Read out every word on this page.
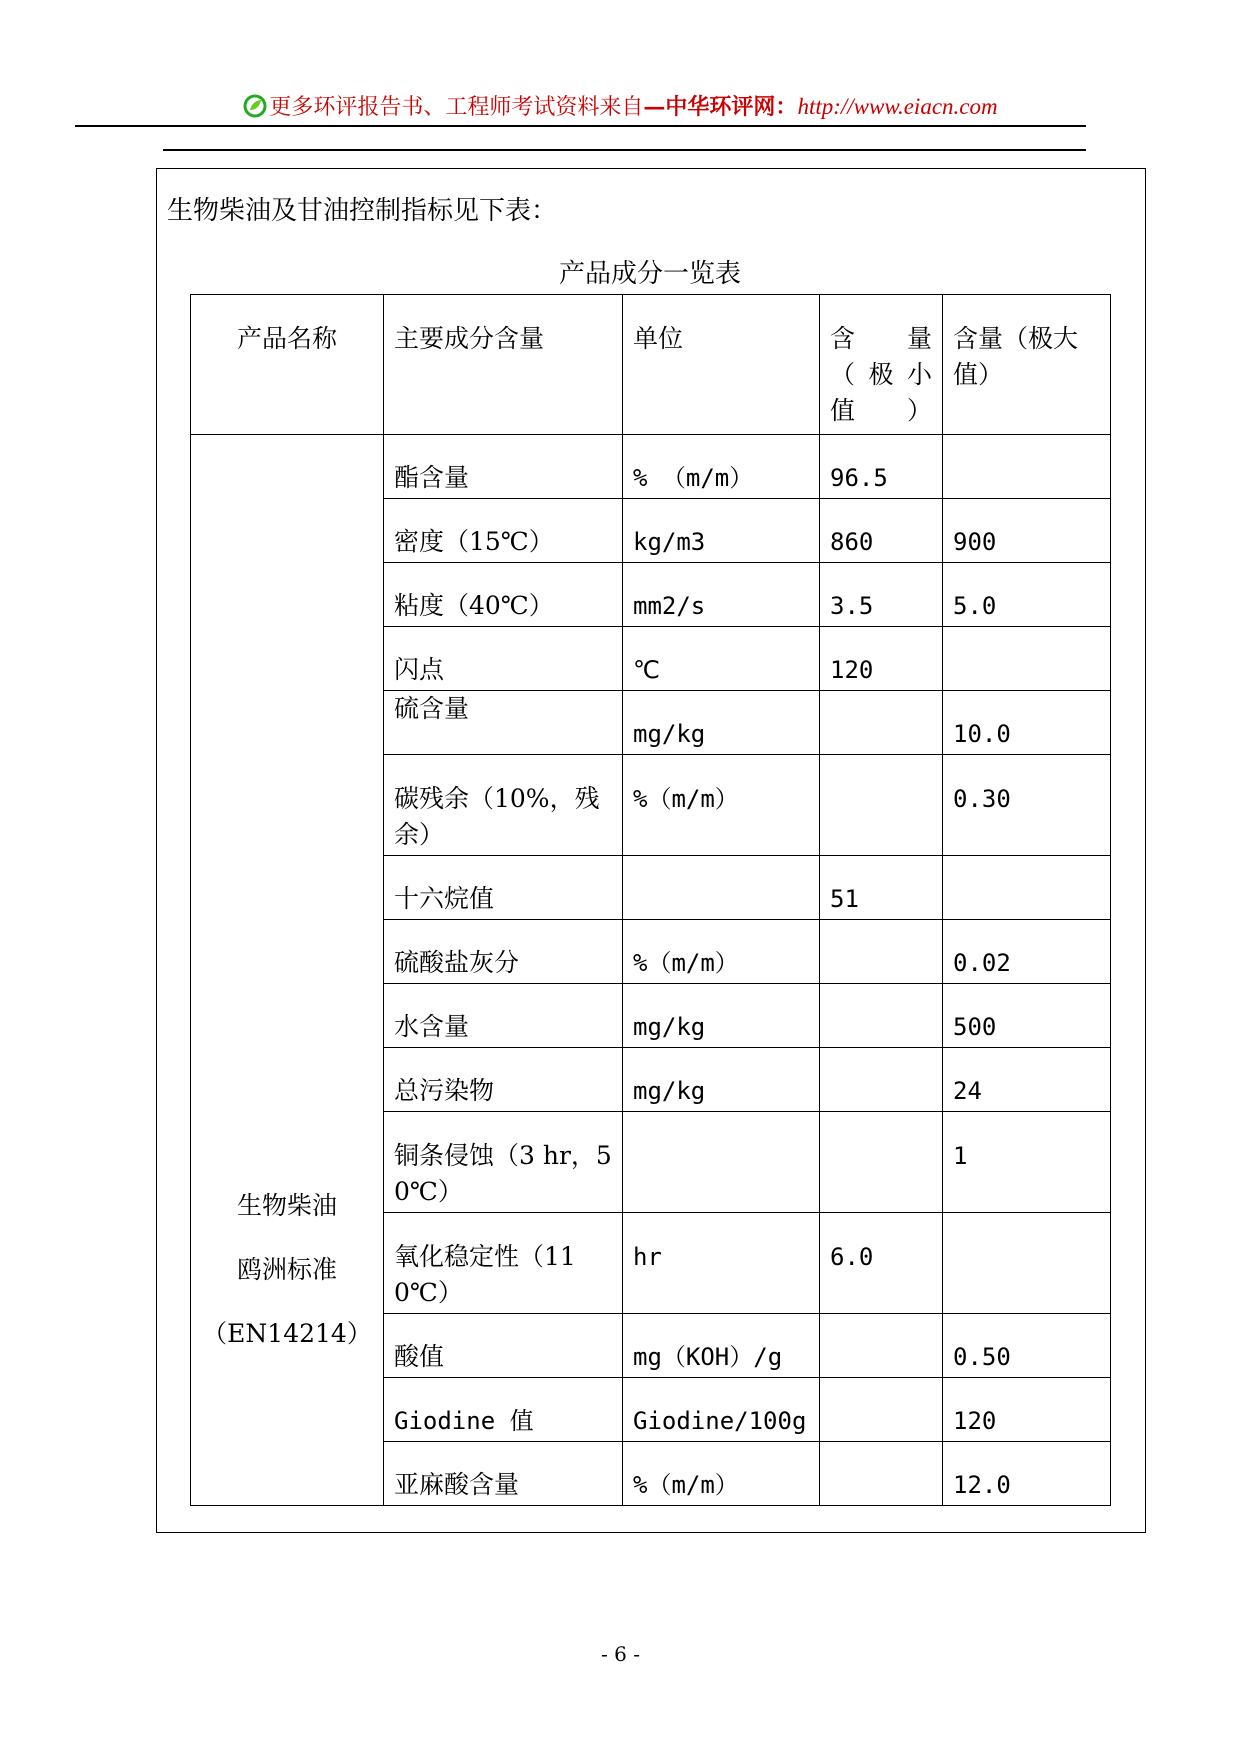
更多环评报告书、工程师考试资料来自—中华环评网：http://www.eiacn.com
生物柴油及甘油控制指标见下表：
产品成分一览表
产品名称	主要成分含量	单位	含 量（极小值）	含量（极大值）

生物柴油
鸥洲标准
（EN14214）	酯含量	% （m/m）	96.5	
	密度（15℃）	kg/m3	860	900
	粘度（40℃）	mm2/s	3.5	5.0
	闪点	℃	120	
	硫含量	mg/kg		10.0
	碳残余（10%，残余）	%（m/m）		0.30
	十六烷值		51	
	硫酸盐灰分	%（m/m）		0.02
	水含量	mg/kg		500
	总污染物	mg/kg		24
	铜条侵蚀（3 hr，50℃）			1
	氧化稳定性（110℃）	hr	6.0	
	酸值	mg（KOH）/g		0.50
	Giodine 值	Giodine/100g		120
	亚麻酸含量	%（m/m）		12.0
- 6 -
